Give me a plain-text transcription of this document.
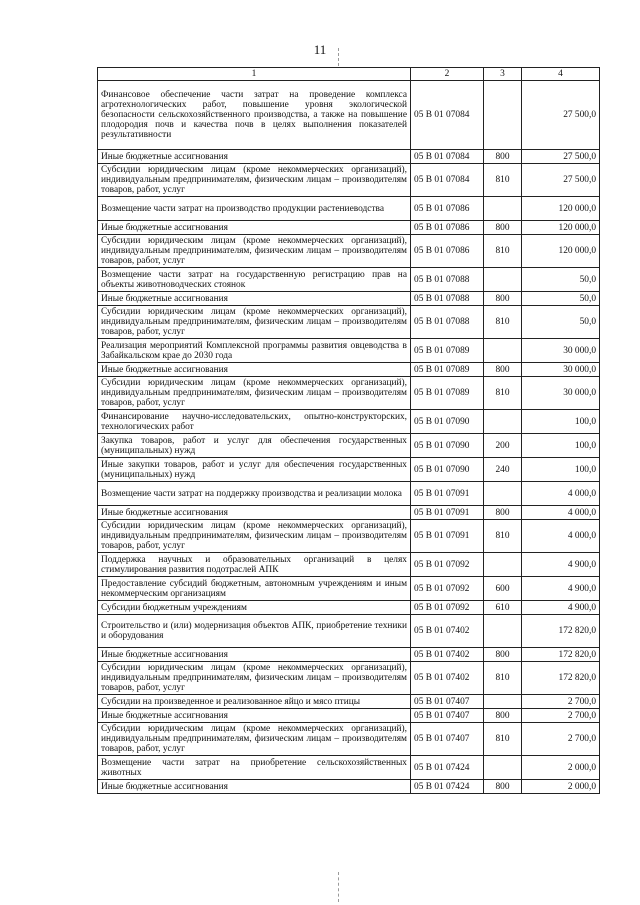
11
1	2	3	4
Финансовое обеспечение части затрат на проведение комплекса агротехнологических работ, повышение уровня экологической безопасности сельскохозяйственного производства, а также на повышение плодородия почв и качества почв в целях выполнения показателей результативности	05 В 01 07084		27 500,0
Иные бюджетные ассигнования	05 В 01 07084	800	27 500,0
Субсидии юридическим лицам (кроме некоммерческих организаций), индивидуальным предпринимателям, физическим лицам – производителям товаров, работ, услуг	05 В 01 07084	810	27 500,0
Возмещение части затрат на производство продукции растениеводства	05 В 01 07086		120 000,0
Иные бюджетные ассигнования	05 В 01 07086	800	120 000,0
Субсидии юридическим лицам (кроме некоммерческих организаций), индивидуальным предпринимателям, физическим лицам – производителям товаров, работ, услуг	05 В 01 07086	810	120 000,0
Возмещение части затрат на государственную регистрацию прав на объекты животноводческих стоянок	05 В 01 07088		50,0
Иные бюджетные ассигнования	05 В 01 07088	800	50,0
Субсидии юридическим лицам (кроме некоммерческих организаций), индивидуальным предпринимателям, физическим лицам – производителям товаров, работ, услуг	05 В 01 07088	810	50,0
Реализация мероприятий Комплексной программы развития овцеводства в Забайкальском крае до 2030 года	05 В 01 07089		30 000,0
Иные бюджетные ассигнования	05 В 01 07089	800	30 000,0
Субсидии юридическим лицам (кроме некоммерческих организаций), индивидуальным предпринимателям, физическим лицам – производителям товаров, работ, услуг	05 В 01 07089	810	30 000,0
Финансирование научно-исследовательских, опытно-конструкторских, технологических работ	05 В 01 07090		100,0
Закупка товаров, работ и услуг для обеспечения государственных (муниципальных) нужд	05 В 01 07090	200	100,0
Иные закупки товаров, работ и услуг для обеспечения государственных (муниципальных) нужд	05 В 01 07090	240	100,0
Возмещение части затрат на поддержку производства и реализации молока	05 В 01 07091		4 000,0
Иные бюджетные ассигнования	05 В 01 07091	800	4 000,0
Субсидии юридическим лицам (кроме некоммерческих организаций), индивидуальным предпринимателям, физическим лицам – производителям товаров, работ, услуг	05 В 01 07091	810	4 000,0
Поддержка научных и образовательных организаций в целях стимулирования развития подотраслей АПК	05 В 01 07092		4 900,0
Предоставление субсидий бюджетным, автономным учреждениям и иным некоммерческим организациям	05 В 01 07092	600	4 900,0
Субсидии бюджетным учреждениям	05 В 01 07092	610	4 900,0
Строительство и (или) модернизация объектов АПК, приобретение техники и оборудования	05 В 01 07402		172 820,0
Иные бюджетные ассигнования	05 В 01 07402	800	172 820,0
Субсидии юридическим лицам (кроме некоммерческих организаций), индивидуальным предпринимателям, физическим лицам – производителям товаров, работ, услуг	05 В 01 07402	810	172 820,0
Субсидии на произведенное и реализованное яйцо и мясо птицы	05 В 01 07407		2 700,0
Иные бюджетные ассигнования	05 В 01 07407	800	2 700,0
Субсидии юридическим лицам (кроме некоммерческих организаций), индивидуальным предпринимателям, физическим лицам – производителям товаров, работ, услуг	05 В 01 07407	810	2 700,0
Возмещение части затрат на приобретение сельскохозяйственных животных	05 В 01 07424		2 000,0
Иные бюджетные ассигнования	05 В 01 07424	800	2 000,0
